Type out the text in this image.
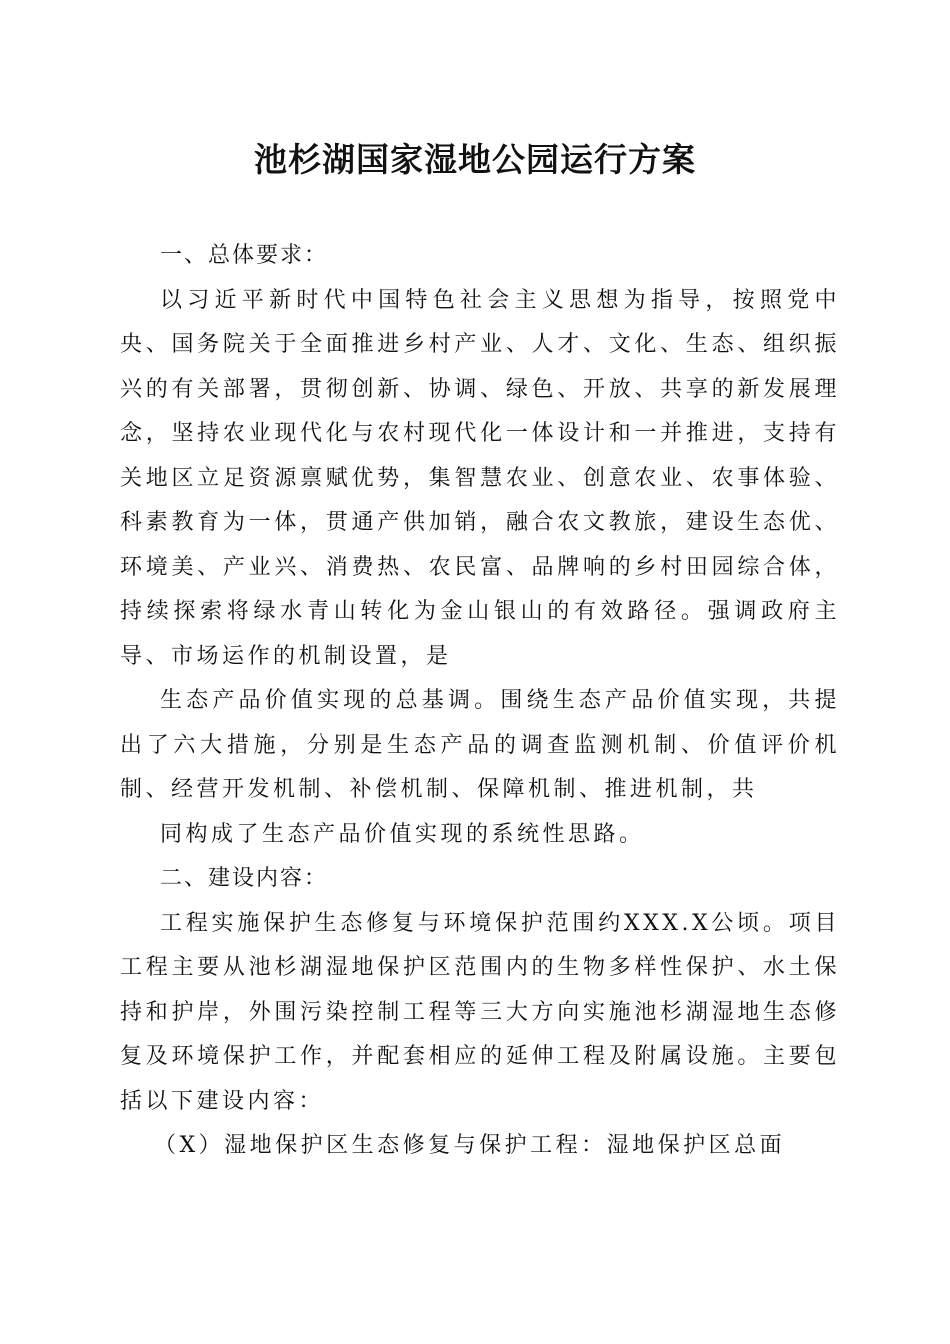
池杉湖国家湿地公园运行方案

一、总体要求：

以习近平新时代中国特色社会主义思想为指导，按照党中央、国务院关于全面推进乡村产业、人才、文化、生态、组织振兴的有关部署，贯彻创新、协调、绿色、开放、共享的新发展理念，坚持农业现代化与农村现代化一体设计和一并推进，支持有关地区立足资源禀赋优势，集智慧农业、创意农业、农事体验、科素教育为一体，贯通产供加销，融合农文教旅，建设生态优、环境美、产业兴、消费热、农民富、品牌响的乡村田园综合体，持续探索将绿水青山转化为金山银山的有效路径。强调政府主导、市场运作的机制设置，是

生态产品价值实现的总基调。围绕生态产品价值实现，共提出了六大措施，分别是生态产品的调查监测机制、价值评价机制、经营开发机制、补偿机制、保障机制、推进机制，共

同构成了生态产品价值实现的系统性思路。

二、建设内容：

工程实施保护生态修复与环境保护范围约XXX.X公顷。项目工程主要从池杉湖湿地保护区范围内的生物多样性保护、水土保持和护岸，外围污染控制工程等三大方向实施池杉湖湿地生态修复及环境保护工作，并配套相应的延伸工程及附属设施。主要包括以下建设内容：

（X）湿地保护区生态修复与保护工程：湿地保护区总面
